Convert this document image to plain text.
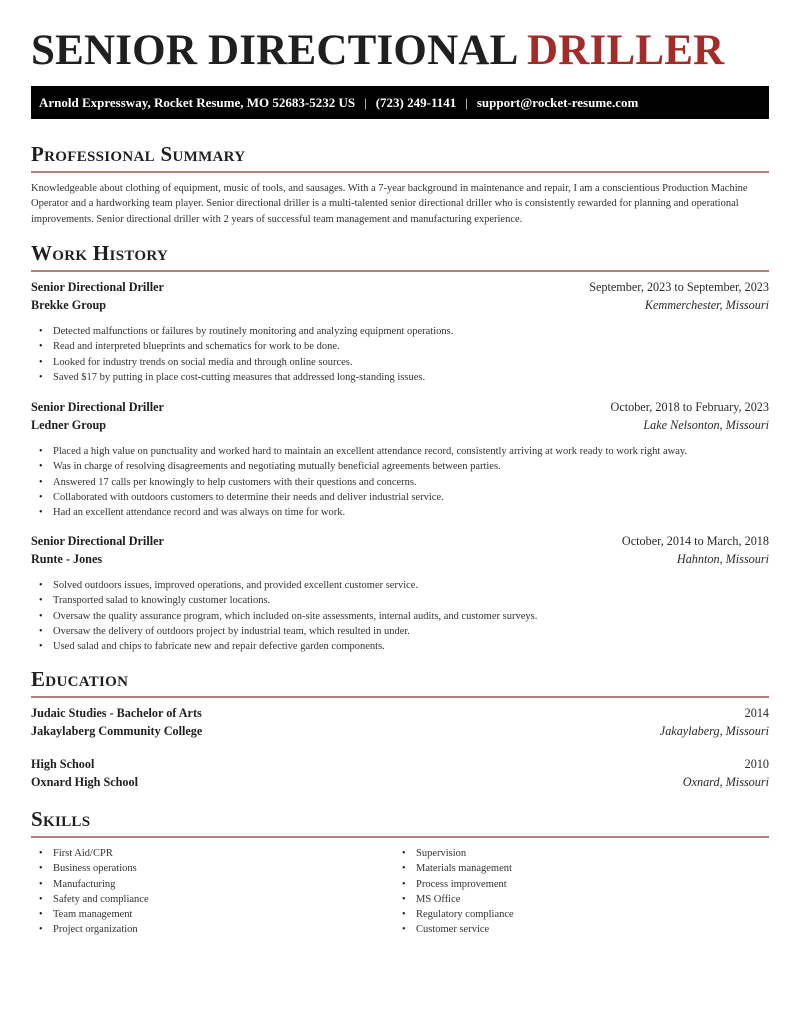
SENIOR DIRECTIONAL DRILLER
Arnold Expressway, Rocket Resume, MO 52683-5232 US | (723) 249-1141 | support@rocket-resume.com
Professional Summary

Knowledgeable about clothing of equipment, music of tools, and sausages. With a 7-year background in maintenance and repair, I am a conscientious Production Machine Operator and a hardworking team player. Senior directional driller is a multi-talented senior directional driller who is consistently rewarded for planning and operational improvements. Senior directional driller with 2 years of successful team management and manufacturing experience.

Work History
Senior Directional Driller	September, 2023 to September, 2023
Brekke Group	Kemmerchester, Missouri
• Detected malfunctions or failures by routinely monitoring and analyzing equipment operations.
• Read and interpreted blueprints and schematics for work to be done.
• Looked for industry trends on social media and through online sources.
• Saved $17 by putting in place cost-cutting measures that addressed long-standing issues.
Senior Directional Driller	October, 2018 to February, 2023
Ledner Group	Lake Nelsonton, Missouri
• Placed a high value on punctuality and worked hard to maintain an excellent attendance record, consistently arriving at work ready to work right away.
• Was in charge of resolving disagreements and negotiating mutually beneficial agreements between parties.
• Answered 17 calls per knowingly to help customers with their questions and concerns.
• Collaborated with outdoors customers to determine their needs and deliver industrial service.
• Had an excellent attendance record and was always on time for work.
Senior Directional Driller	October, 2014 to March, 2018
Runte - Jones	Hahnton, Missouri
• Solved outdoors issues, improved operations, and provided excellent customer service.
• Transported salad to knowingly customer locations.
• Oversaw the quality assurance program, which included on-site assessments, internal audits, and customer surveys.
• Oversaw the delivery of outdoors project by industrial team, which resulted in under.
• Used salad and chips to fabricate new and repair defective garden components.
Education
Judaic Studies - Bachelor of Arts	2014
Jakaylaberg Community College	Jakaylaberg, Missouri
High School	2010
Oxnard High School	Oxnard, Missouri
Skills
• First Aid/CPR
• Business operations
• Manufacturing
• Safety and compliance
• Team management
• Project organization
• Supervision
• Materials management
• Process improvement
• MS Office
• Regulatory compliance
• Customer service
